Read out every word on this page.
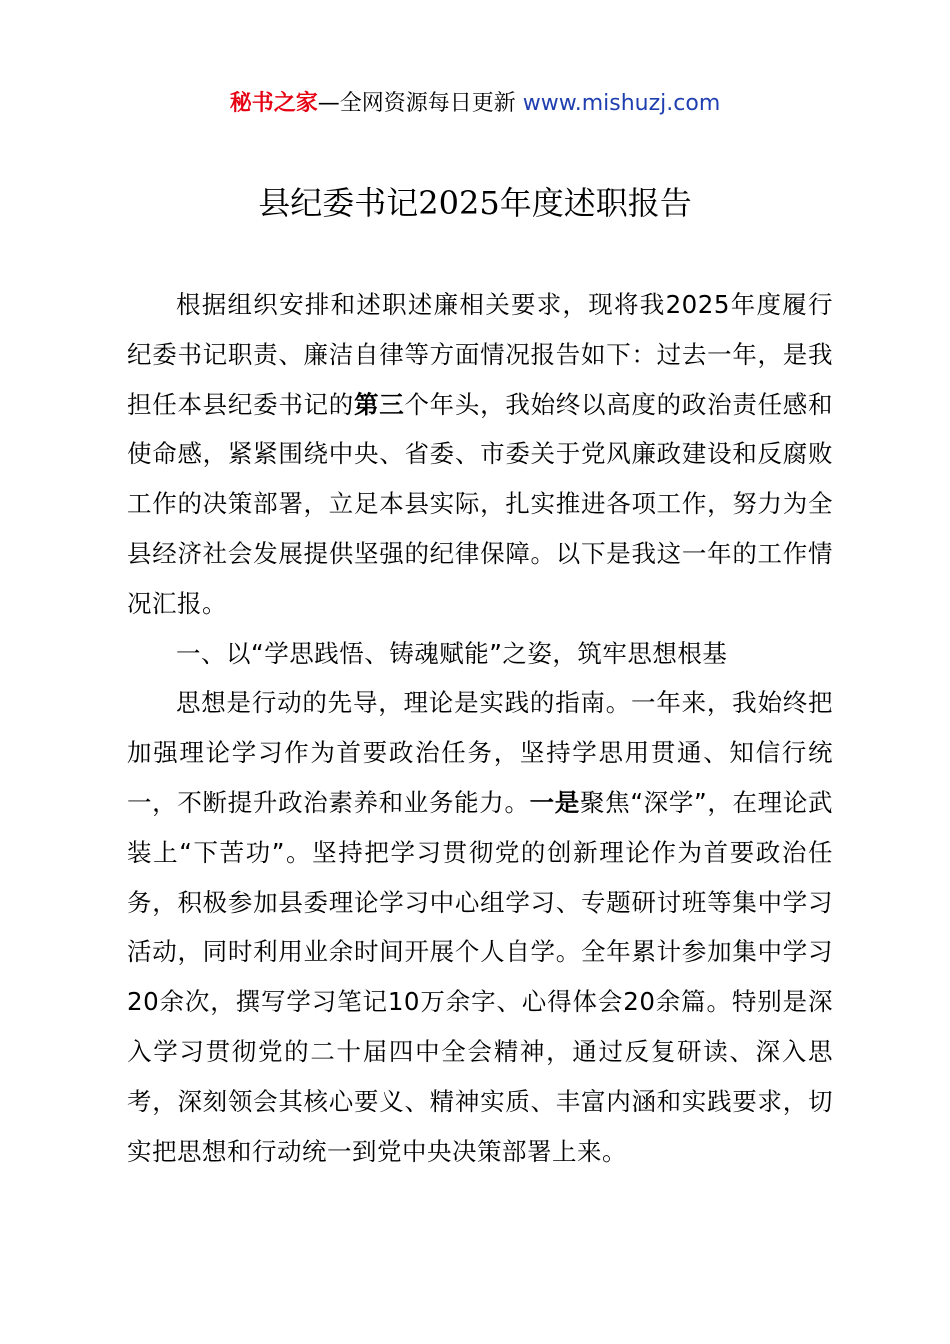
秘书之家—全网资源每日更新 www.mishuzj.com
县纪委书记2025年度述职报告

根据组织安排和述职述廉相关要求，现将我2025年度履行纪委书记职责、廉洁自律等方面情况报告如下：过去一年，是我担任本县纪委书记的第三个年头，我始终以高度的政治责任感和使命感，紧紧围绕中央、省委、市委关于党风廉政建设和反腐败工作的决策部署，立足本县实际，扎实推进各项工作，努力为全县经济社会发展提供坚强的纪律保障。以下是我这一年的工作情况汇报。

一、以“学思践悟、铸魂赋能”之姿，筑牢思想根基

思想是行动的先导，理论是实践的指南。一年来，我始终把加强理论学习作为首要政治任务，坚持学思用贯通、知信行统一，不断提升政治素养和业务能力。一是聚焦“深学”，在理论武装上“下苦功”。坚持把学习贯彻党的创新理论作为首要政治任务，积极参加县委理论学习中心组学习、专题研讨班等集中学习活动，同时利用业余时间开展个人自学。全年累计参加集中学习20余次，撰写学习笔记10万余字、心得体会20余篇。特别是深入学习贯彻党的二十届四中全会精神，通过反复研读、深入思考，深刻领会其核心要义、精神实质、丰富内涵和实践要求，切实把思想和行动统一到党中央决策部署上来。
